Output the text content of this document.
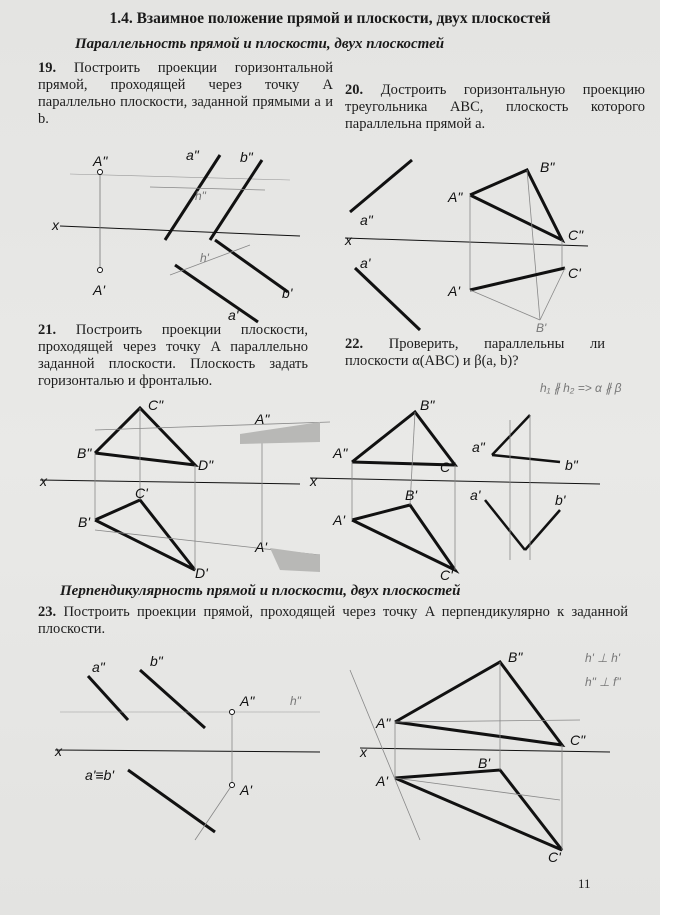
1.4. Взаимное положение прямой и плоскости, двух плоскостей
Параллельность прямой и плоскости, двух плоскостей
19. Построить проекции горизонтальной прямой, проходящей через точку A параллельно плоскости, заданной прямыми a и b.
20. Достроить горизонтальную проекцию треугольника ABC, плоскость которого параллельна прямой a.
21. Построить проекции плоскости, проходящей через точку A параллельно заданной плоскости. Плоскость задать горизонталью и фронталью.
22. Проверить, параллельны ли плоскости α(ABC) и β(a, b)?
Перпендикулярность прямой и плоскости, двух плоскостей
23. Построить проекции прямой, проходящей через точку A перпендикулярно к заданной плоскости.
A"
A'
a"	b"
a'
b'
x
h"
h'
B"
A"
C"
A'
C'
a"
a'
B'
x
C"
B"
D"
A"
B'
C'
D'
A'
x
B"
A"
C"
B'
A'
C'
a"
b"
a'	b'
x
h₁ ∦ h₂ => α ∦ β
a"	b"
A"
A'
a'≡b'
x
h"
B"
A"
C"
B'
A'
C'
x
h' ⊥ h'
h" ⊥ f"
11
